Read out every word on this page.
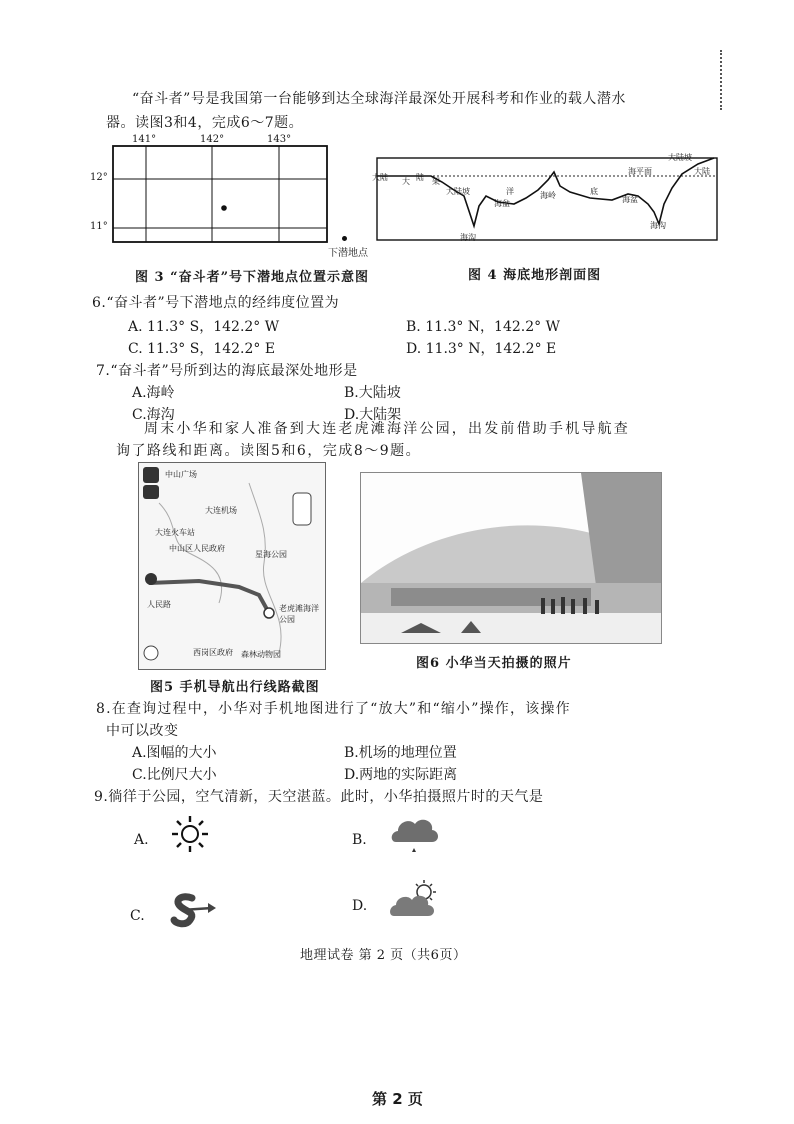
“奋斗者”号是我国第一台能够到达全球海洋最深处开展科考和作业的载人潜水
器。读图3和4，完成6～7题。
141°	142°	143°
12°
11°
下潜地点
图 3 “奋斗者”号下潜地点位置示意图
大陆 大 陆 架
大陆坡	洋
海盆
海岭	底
海盆
海平面
大陆坡
大陆
海沟
海沟
图 4 海底地形剖面图
6.“奋斗者”号下潜地点的经纬度位置为
A. 11.3° S，142.2° W	B. 11.3° N，142.2° W
C. 11.3° S，142.2° E	D. 11.3° N，142.2° E
7.“奋斗者”号所到达的海底最深处地形是
A.海岭	B.大陆坡
C.海沟	D.大陆架
周末小华和家人准备到大连老虎滩海洋公园，出发前借助手机导航查
询了路线和距离。读图5和6，完成8～9题。
中山广场
大连机场
大连火车站
中山区人民政府
星海公园
人民路	老虎滩海洋公园
西岗区政府 森林动物园
图5 手机导航出行线路截图
图6 小华当天拍摄的照片
8.在查询过程中，小华对手机地图进行了“放大”和“缩小”操作，该操作
中可以改变
A.图幅的大小	B.机场的地理位置
C.比例尺大小	D.两地的实际距离
9.徜徉于公园，空气清新，天空湛蓝。此时，小华拍摄照片时的天气是
A.	B.
C.
D.
地理试卷 第 2 页（共6页）
第 2 页
